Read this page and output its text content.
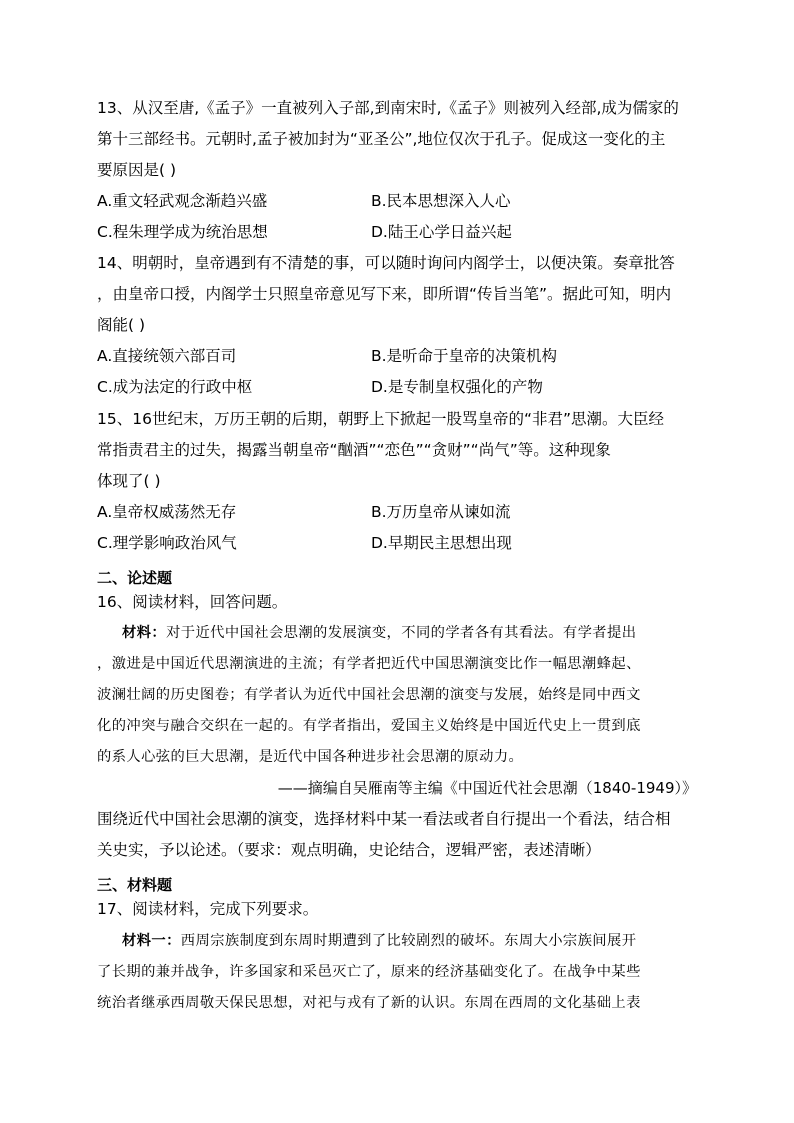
13、从汉至唐,《孟子》一直被列入子部,到南宋时,《孟子》则被列入经部,成为儒家的
第十三部经书。元朝时,孟子被加封为“亚圣公”,地位仅次于孔子。促成这一变化的主
要原因是( )
A.重文轻武观念渐趋兴盛	B.民本思想深入人心
C.程朱理学成为统治思想	D.陆王心学日益兴起
14、明朝时，皇帝遇到有不清楚的事，可以随时询问内阁学士，以便决策。奏章批答
，由皇帝口授，内阁学士只照皇帝意见写下来，即所谓“传旨当笔”。据此可知，明内
阁能( )
A.直接统领六部百司	B.是听命于皇帝的决策机构
C.成为法定的行政中枢	D.是专制皇权强化的产物
15、16世纪末，万历王朝的后期，朝野上下掀起一股骂皇帝的“非君”思潮。大臣经
常指责君主的过失，揭露当朝皇帝“酗酒”“恋色”“贪财”“尚气”等。这种现象
体现了( )
A.皇帝权威荡然无存	B.万历皇帝从谏如流
C.理学影响政治风气	D.早期民主思想出现
二、论述题
16、阅读材料，回答问题。
材料：对于近代中国社会思潮的发展演变，不同的学者各有其看法。有学者提出
，激进是中国近代思潮演进的主流；有学者把近代中国思潮演变比作一幅思潮蜂起、
波澜壮阔的历史图卷；有学者认为近代中国社会思潮的演变与发展，始终是同中西文
化的冲突与融合交织在一起的。有学者指出，爱国主义始终是中国近代史上一贯到底
的系人心弦的巨大思潮，是近代中国各种进步社会思潮的原动力。
——摘编自吴雁南等主编《中国近代社会思潮（1840-1949）》
围绕近代中国社会思潮的演变，选择材料中某一看法或者自行提出一个看法，结合相
关史实，予以论述。（要求：观点明确，史论结合，逻辑严密，表述清晰）
三、材料题
17、阅读材料，完成下列要求。
材料一：西周宗族制度到东周时期遭到了比较剧烈的破坏。东周大小宗族间展开
了长期的兼并战争，许多国家和采邑灭亡了，原来的经济基础变化了。在战争中某些
统治者继承西周敬天保民思想，对祀与戎有了新的认识。东周在西周的文化基础上表
